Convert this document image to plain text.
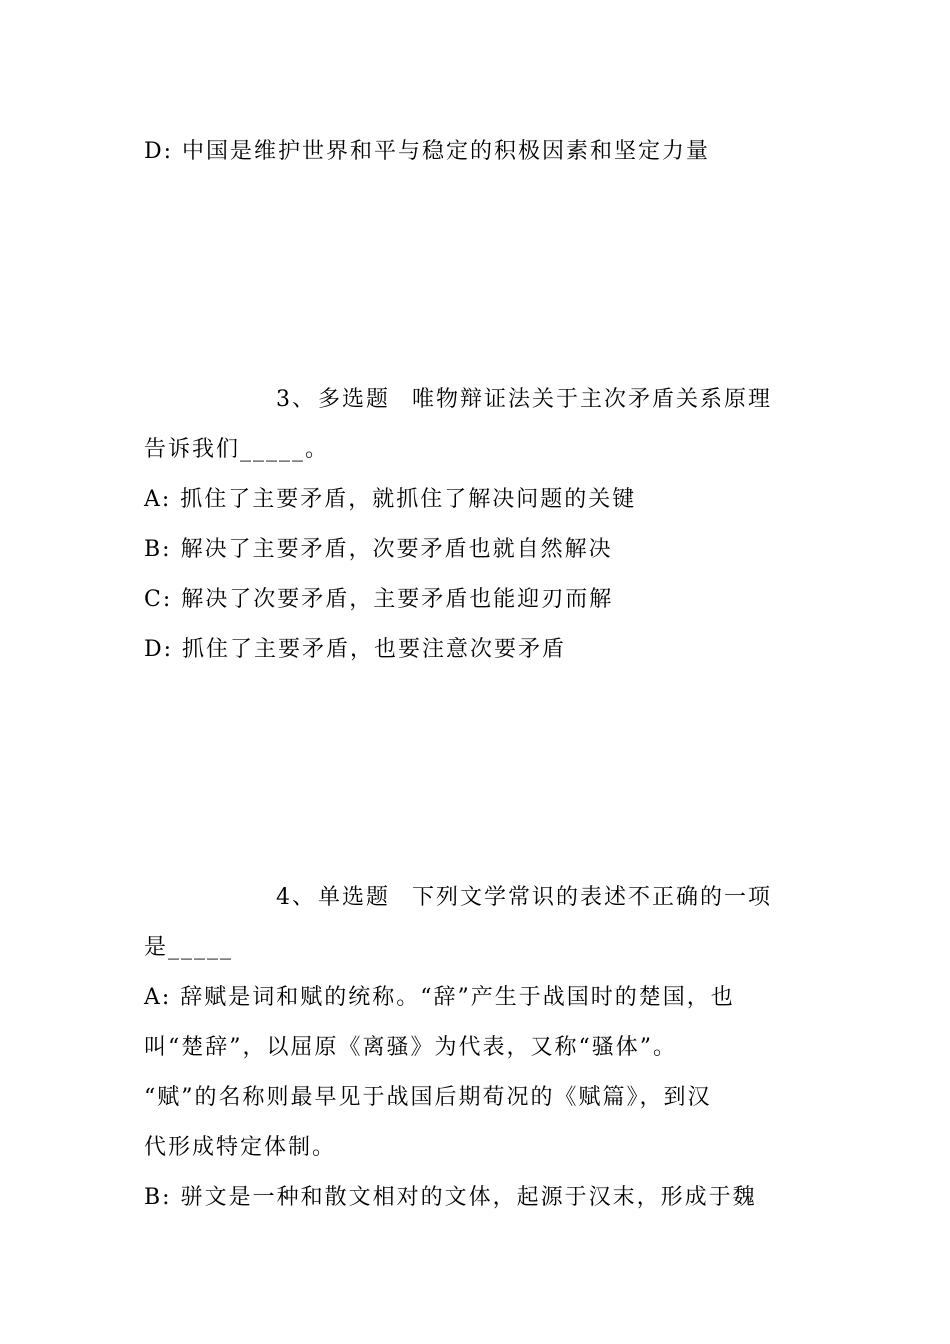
D: 中国是维护世界和平与稳定的积极因素和坚定力量
3、多选题 唯物辩证法关于主次矛盾关系原理
告诉我们_____。
A: 抓住了主要矛盾，就抓住了解决问题的关键
B: 解决了主要矛盾，次要矛盾也就自然解决
C: 解决了次要矛盾，主要矛盾也能迎刃而解
D: 抓住了主要矛盾，也要注意次要矛盾
4、单选题 下列文学常识的表述不正确的一项
是_____
A: 辞赋是词和赋的统称。“辞”产生于战国时的楚国，也
叫“楚辞”，以屈原《离骚》为代表，又称“骚体”。
“赋”的名称则最早见于战国后期荀况的《赋篇》，到汉
代形成特定体制。
B: 骈文是一种和散文相对的文体，起源于汉末，形成于魏
